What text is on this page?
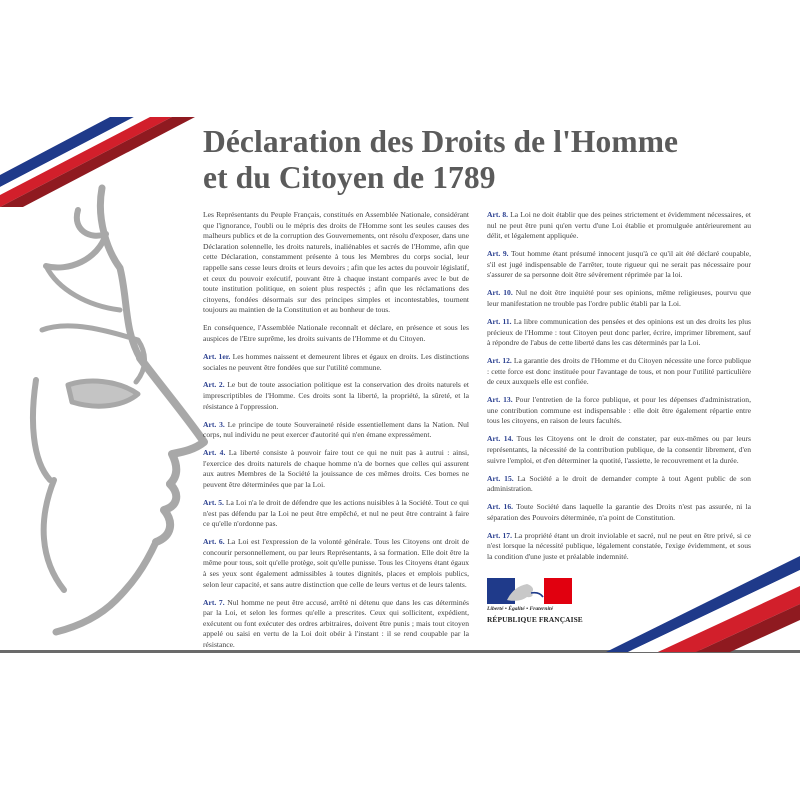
Déclaration des Droits de l'Homme
et du Citoyen de 1789

Les Représentants du Peuple Français, constitués en Assemblée Nationale, considérant que l'ignorance, l'oubli ou le mépris des droits de l'Homme sont les seules causes des malheurs publics et de la corruption des Gouvernements, ont résolu d'exposer, dans une Déclaration solennelle, les droits naturels, inaliénables et sacrés de l'Homme, afin que cette Déclaration, constamment présente à tous les Membres du corps social, leur rappelle sans cesse leurs droits et leurs devoirs ; afin que les actes du pouvoir législatif, et ceux du pouvoir exécutif, pouvant être à chaque instant comparés avec le but de toute institution politique, en soient plus respectés ; afin que les réclamations des citoyens, fondées désormais sur des principes simples et incontestables, tournent toujours au maintien de la Constitution et au bonheur de tous.

En conséquence, l'Assemblée Nationale reconnaît et déclare, en présence et sous les auspices de l'Etre suprême, les droits suivants de l'Homme et du Citoyen.

Art. 1er. Les hommes naissent et demeurent libres et égaux en droits. Les distinctions sociales ne peuvent être fondées que sur l'utilité commune.

Art. 2. Le but de toute association politique est la conservation des droits naturels et imprescriptibles de l'Homme. Ces droits sont la liberté, la propriété, la sûreté, et la résistance à l'oppression.

Art. 3. Le principe de toute Souveraineté réside essentiellement dans la Nation. Nul corps, nul individu ne peut exercer d'autorité qui n'en émane expressément.

Art. 4. La liberté consiste à pouvoir faire tout ce qui ne nuit pas à autrui : ainsi, l'exercice des droits naturels de chaque homme n'a de bornes que celles qui assurent aux autres Membres de la Société la jouissance de ces mêmes droits. Ces bornes ne peuvent être déterminées que par la Loi.

Art. 5. La Loi n'a le droit de défendre que les actions nuisibles à la Société. Tout ce qui n'est pas défendu par la Loi ne peut être empêché, et nul ne peut être contraint à faire ce qu'elle n'ordonne pas.

Art. 6. La Loi est l'expression de la volonté générale. Tous les Citoyens ont droit de concourir personnellement, ou par leurs Représentants, à sa formation. Elle doit être la même pour tous, soit qu'elle protège, soit qu'elle punisse. Tous les Citoyens étant égaux à ses yeux sont également admissibles à toutes dignités, places et emplois publics, selon leur capacité, et sans autre distinction que celle de leurs vertus et de leurs talents.

Art. 7. Nul homme ne peut être accusé, arrêté ni détenu que dans les cas déterminés par la Loi, et selon les formes qu'elle a prescrites. Ceux qui sollicitent, expédient, exécutent ou font exécuter des ordres arbitraires, doivent être punis ; mais tout citoyen appelé ou saisi en vertu de la Loi doit obéir à l'instant : il se rend coupable par la résistance.

Art. 8. La Loi ne doit établir que des peines strictement et évidemment nécessaires, et nul ne peut être puni qu'en vertu d'une Loi établie et promulguée antérieurement au délit, et légalement appliquée.

Art. 9. Tout homme étant présumé innocent jusqu'à ce qu'il ait été déclaré coupable, s'il est jugé indispensable de l'arrêter, toute rigueur qui ne serait pas nécessaire pour s'assurer de sa personne doit être sévèrement réprimée par la loi.

Art. 10. Nul ne doit être inquiété pour ses opinions, même religieuses, pourvu que leur manifestation ne trouble pas l'ordre public établi par la Loi.

Art. 11. La libre communication des pensées et des opinions est un des droits les plus précieux de l'Homme : tout Citoyen peut donc parler, écrire, imprimer librement, sauf à répondre de l'abus de cette liberté dans les cas déterminés par la Loi.

Art. 12. La garantie des droits de l'Homme et du Citoyen nécessite une force publique : cette force est donc instituée pour l'avantage de tous, et non pour l'utilité particulière de ceux auxquels elle est confiée.

Art. 13. Pour l'entretien de la force publique, et pour les dépenses d'administration, une contribution commune est indispensable : elle doit être également répartie entre tous les citoyens, en raison de leurs facultés.

Art. 14. Tous les Citoyens ont le droit de constater, par eux-mêmes ou par leurs représentants, la nécessité de la contribution publique, de la consentir librement, d'en suivre l'emploi, et d'en déterminer la quotité, l'assiette, le recouvrement et la durée.

Art. 15. La Société a le droit de demander compte à tout Agent public de son administration.

Art. 16. Toute Société dans laquelle la garantie des Droits n'est pas assurée, ni la séparation des Pouvoirs déterminée, n'a point de Constitution.

Art. 17. La propriété étant un droit inviolable et sacré, nul ne peut en être privé, si ce n'est lorsque la nécessité publique, légalement constatée, l'exige évidemment, et sous la condition d'une juste et préalable indemnité.

Liberté • Égalité • Fraternité
RÉPUBLIQUE FRANÇAISE
